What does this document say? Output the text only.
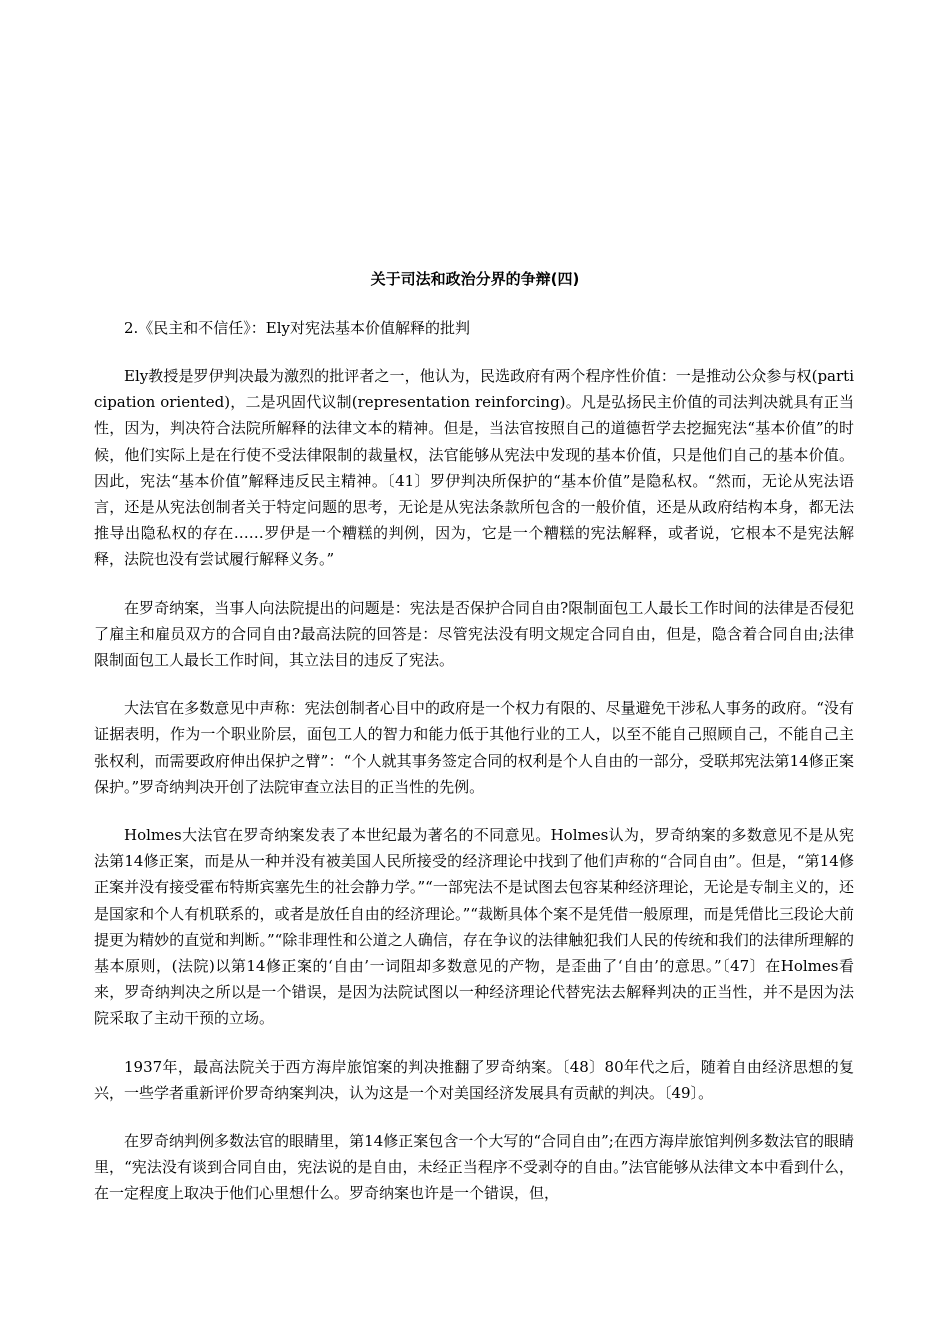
关于司法和政治分界的争辩(四)

2.《民主和不信任》：Ely对宪法基本价值解释的批判

Ely教授是罗伊判决最为激烈的批评者之一，他认为，民选政府有两个程序性价值：一是推动公众参与权(participation oriented)，二是巩固代议制(representation reinforcing)。凡是弘扬民主价值的司法判决就具有正当性，因为，判决符合法院所解释的法律文本的精神。但是，当法官按照自己的道德哲学去挖掘宪法“基本价值”的时候，他们实际上是在行使不受法律限制的裁量权，法官能够从宪法中发现的基本价值，只是他们自己的基本价值。因此，宪法“基本价值”解释违反民主精神。〔41〕罗伊判决所保护的“基本价值”是隐私权。“然而，无论从宪法语言，还是从宪法创制者关于特定问题的思考，无论是从宪法条款所包含的一般价值，还是从政府结构本身，都无法推导出隐私权的存在……罗伊是一个糟糕的判例，因为，它是一个糟糕的宪法解释，或者说，它根本不是宪法解释，法院也没有尝试履行解释义务。”

在罗奇纳案，当事人向法院提出的问题是：宪法是否保护合同自由?限制面包工人最长工作时间的法律是否侵犯了雇主和雇员双方的合同自由?最高法院的回答是：尽管宪法没有明文规定合同自由，但是，隐含着合同自由;法律限制面包工人最长工作时间，其立法目的违反了宪法。

大法官在多数意见中声称：宪法创制者心目中的政府是一个权力有限的、尽量避免干涉私人事务的政府。“没有证据表明，作为一个职业阶层，面包工人的智力和能力低于其他行业的工人，以至不能自己照顾自己，不能自己主张权利，而需要政府伸出保护之臂”：“个人就其事务签定合同的权利是个人自由的一部分，受联邦宪法第14修正案保护。”罗奇纳判决开创了法院审查立法目的正当性的先例。

Holmes大法官在罗奇纳案发表了本世纪最为著名的不同意见。Holmes认为，罗奇纳案的多数意见不是从宪法第14修正案，而是从一种并没有被美国人民所接受的经济理论中找到了他们声称的“合同自由”。但是，“第14修正案并没有接受霍布特斯宾塞先生的社会静力学。”“一部宪法不是试图去包容某种经济理论，无论是专制主义的，还是国家和个人有机联系的，或者是放任自由的经济理论。”“裁断具体个案不是凭借一般原理，而是凭借比三段论大前提更为精妙的直觉和判断。”“除非理性和公道之人确信，存在争议的法律触犯我们人民的传统和我们的法律所理解的基本原则，(法院)以第14修正案的‘自由’一词阻却多数意见的产物，是歪曲了‘自由’的意思。”〔47〕在Holmes看来，罗奇纳判决之所以是一个错误，是因为法院试图以一种经济理论代替宪法去解释判决的正当性，并不是因为法院采取了主动干预的立场。

1937年，最高法院关于西方海岸旅馆案的判决推翻了罗奇纳案。〔48〕80年代之后，随着自由经济思想的复兴，一些学者重新评价罗奇纳案判决，认为这是一个对美国经济发展具有贡献的判决。〔49〕。

在罗奇纳判例多数法官的眼睛里，第14修正案包含一个大写的“合同自由”;在西方海岸旅馆判例多数法官的眼睛里，“宪法没有谈到合同自由，宪法说的是自由，未经正当程序不受剥夺的自由。”法官能够从法律文本中看到什么，在一定程度上取决于他们心里想什么。罗奇纳案也许是一个错误，但，
